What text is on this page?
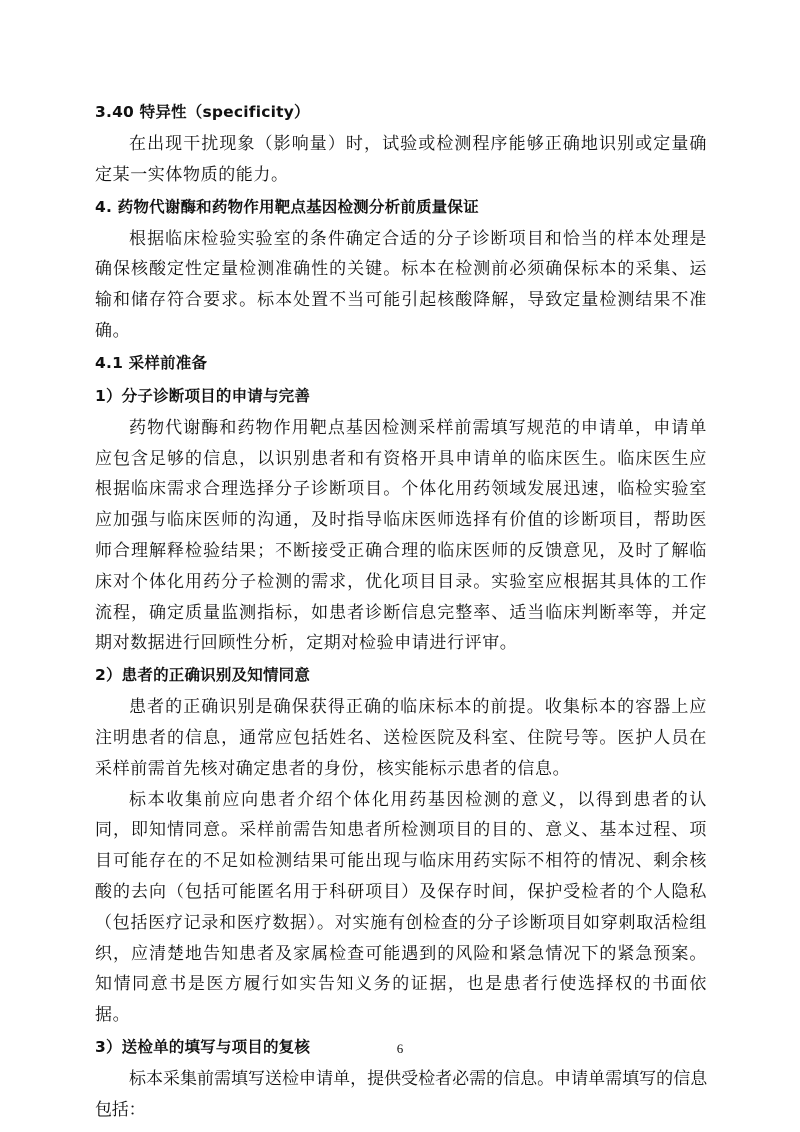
3.40 特异性（specificity）

在出现干扰现象（影响量）时，试验或检测程序能够正确地识别或定量确定某一实体物质的能力。

4. 药物代谢酶和药物作用靶点基因检测分析前质量保证

根据临床检验实验室的条件确定合适的分子诊断项目和恰当的样本处理是确保核酸定性定量检测准确性的关键。标本在检测前必须确保标本的采集、运输和储存符合要求。标本处置不当可能引起核酸降解，导致定量检测结果不准确。

4.1 采样前准备
1）分子诊断项目的申请与完善

药物代谢酶和药物作用靶点基因检测采样前需填写规范的申请单，申请单应包含足够的信息，以识别患者和有资格开具申请单的临床医生。临床医生应根据临床需求合理选择分子诊断项目。个体化用药领域发展迅速，临检实验室应加强与临床医师的沟通，及时指导临床医师选择有价值的诊断项目，帮助医师合理解释检验结果；不断接受正确合理的临床医师的反馈意见，及时了解临床对个体化用药分子检测的需求，优化项目目录。实验室应根据其具体的工作流程，确定质量监测指标，如患者诊断信息完整率、适当临床判断率等，并定期对数据进行回顾性分析，定期对检验申请进行评审。

2）患者的正确识别及知情同意

患者的正确识别是确保获得正确的临床标本的前提。收集标本的容器上应注明患者的信息，通常应包括姓名、送检医院及科室、住院号等。医护人员在采样前需首先核对确定患者的身份，核实能标示患者的信息。

标本收集前应向患者介绍个体化用药基因检测的意义，以得到患者的认同，即知情同意。采样前需告知患者所检测项目的目的、意义、基本过程、项目可能存在的不足如检测结果可能出现与临床用药实际不相符的情况、剩余核酸的去向（包括可能匿名用于科研项目）及保存时间，保护受检者的个人隐私（包括医疗记录和医疗数据）。对实施有创检查的分子诊断项目如穿刺取活检组织，应清楚地告知患者及家属检查可能遇到的风险和紧急情况下的紧急预案。知情同意书是医方履行如实告知义务的证据，也是患者行使选择权的书面依据。

3）送检单的填写与项目的复核

标本采集前需填写送检申请单，提供受检者必需的信息。申请单需填写的信息包括：

6
